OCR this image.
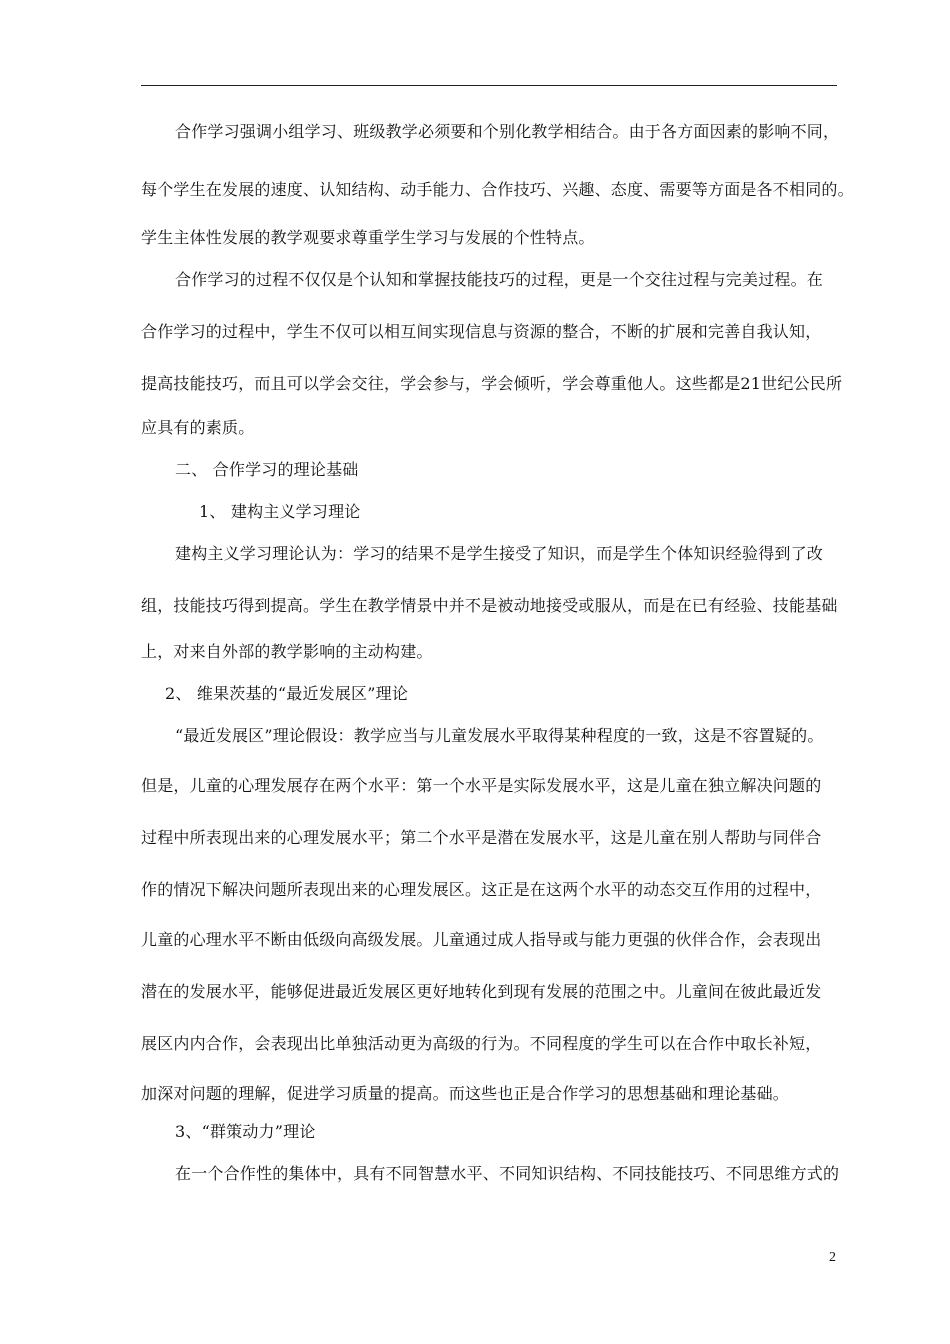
合作学习强调小组学习、班级教学必须要和个别化教学相结合。由于各方面因素的影响不同，
每个学生在发展的速度、认知结构、动手能力、合作技巧、兴趣、态度、需要等方面是各不相同的。
学生主体性发展的教学观要求尊重学生学习与发展的个性特点。
合作学习的过程不仅仅是个认知和掌握技能技巧的过程，更是一个交往过程与完美过程。在
合作学习的过程中，学生不仅可以相互间实现信息与资源的整合，不断的扩展和完善自我认知，
提高技能技巧，而且可以学会交往，学会参与，学会倾听，学会尊重他人。这些都是21世纪公民所
应具有的素质。
二、 合作学习的理论基础
1、 建构主义学习理论
建构主义学习理论认为：学习的结果不是学生接受了知识，而是学生个体知识经验得到了改
组，技能技巧得到提高。学生在教学情景中并不是被动地接受或服从，而是在已有经验、技能基础
上，对来自外部的教学影响的主动构建。
2、 维果茨基的“最近发展区”理论
“最近发展区”理论假设：教学应当与儿童发展水平取得某种程度的一致，这是不容置疑的。
但是，儿童的心理发展存在两个水平：第一个水平是实际发展水平，这是儿童在独立解决问题的
过程中所表现出来的心理发展水平；第二个水平是潜在发展水平，这是儿童在别人帮助与同伴合
作的情况下解决问题所表现出来的心理发展区。这正是在这两个水平的动态交互作用的过程中，
儿童的心理水平不断由低级向高级发展。儿童通过成人指导或与能力更强的伙伴合作，会表现出
潜在的发展水平，能够促进最近发展区更好地转化到现有发展的范围之中。儿童间在彼此最近发
展区内内合作，会表现出比单独活动更为高级的行为。不同程度的学生可以在合作中取长补短，
加深对问题的理解，促进学习质量的提高。而这些也正是合作学习的思想基础和理论基础。
3、“群策动力”理论
在一个合作性的集体中，具有不同智慧水平、不同知识结构、不同技能技巧、不同思维方式的
2
